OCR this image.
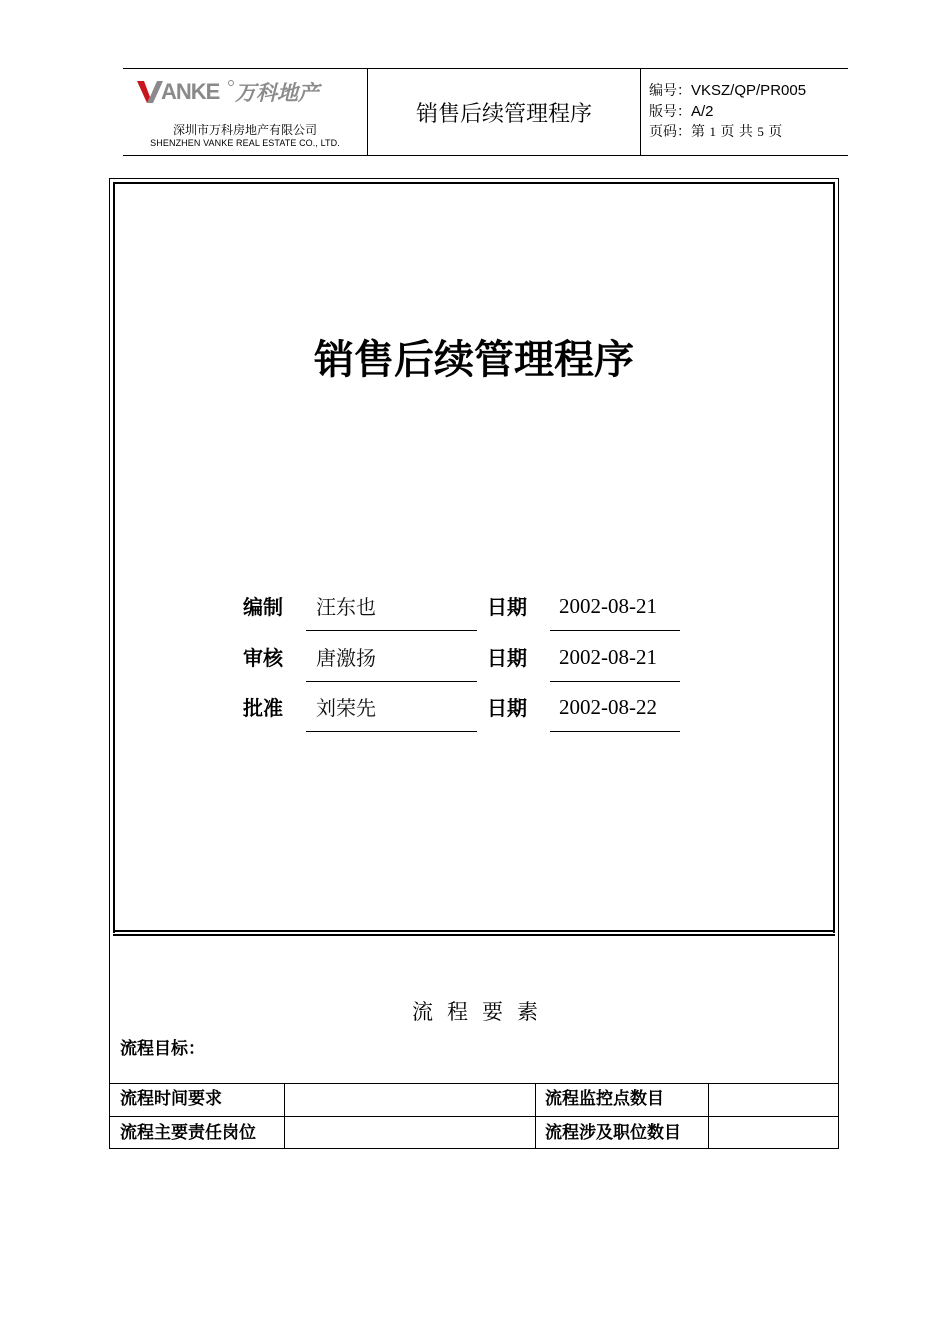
ANKE 万科地产
深圳市万科房地产有限公司
SHENZHEN VANKE REAL ESTATE CO., LTD.
销售后续管理程序
编号：VKSZ/QP/PR005
版号：A/2
页码：第 1 页 共 5 页
销售后续管理程序
编制 汪东也	日期 2002-08-21
审核 唐激扬	日期 2002-08-21
批准 刘荣先	日期 2002-08-22
流程要素
流程目标：
流程时间要求	流程监控点数目
流程主要责任岗位	流程涉及职位数目
